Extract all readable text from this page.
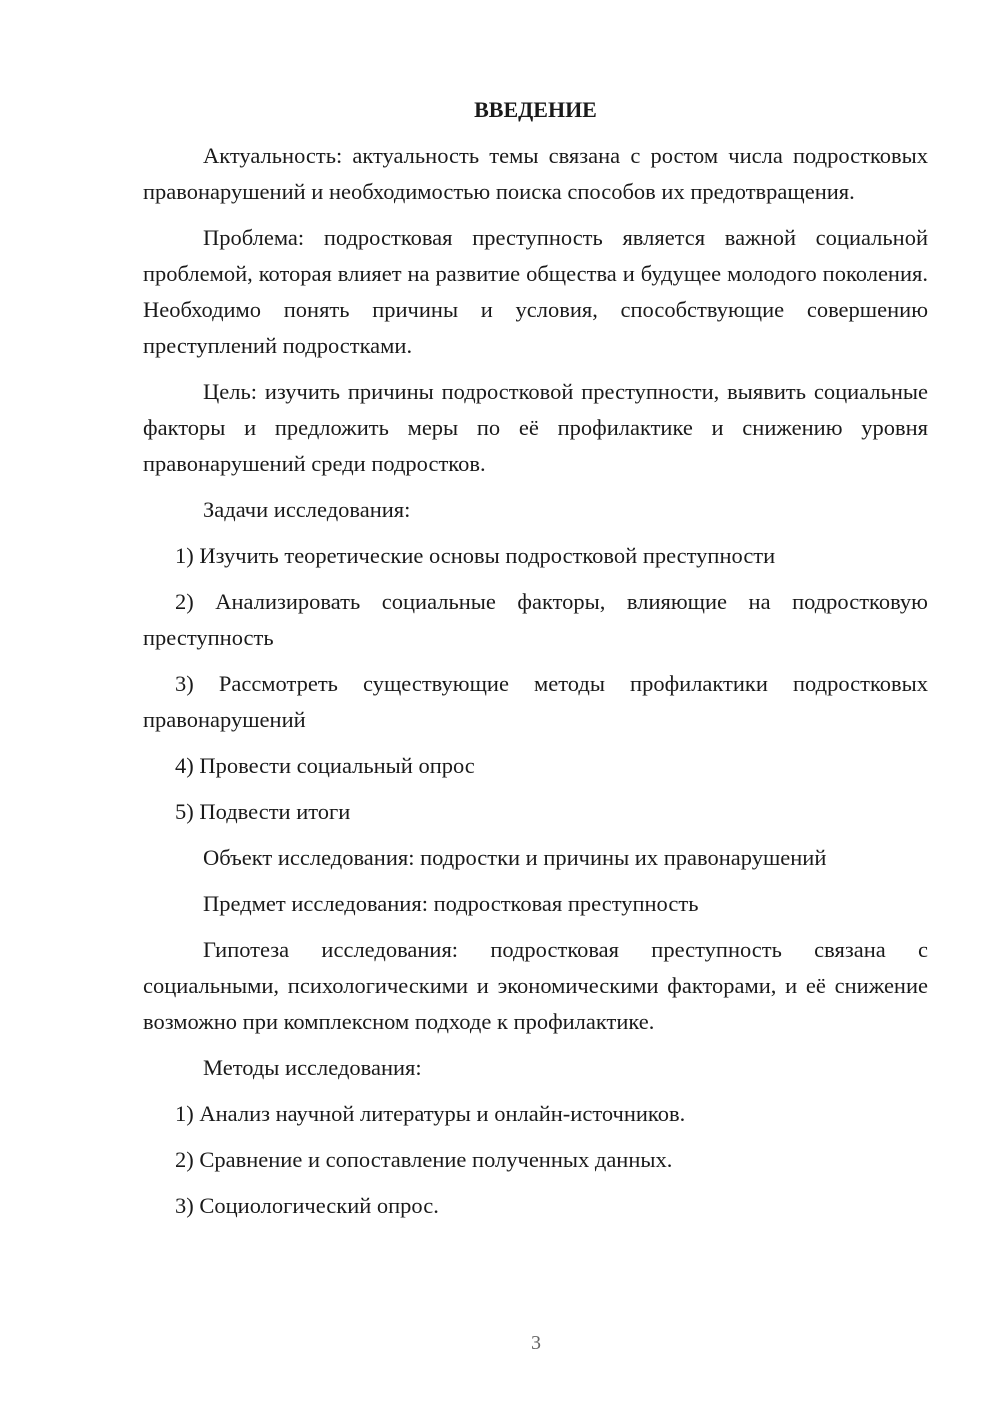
ВВЕДЕНИЕ

Актуальность: актуальность темы связана с ростом числа подростковых правонарушений и необходимостью поиска способов их предотвращения.

Проблема: подростковая преступность является важной социальной проблемой, которая влияет на развитие общества и будущее молодого поколения. Необходимо понять причины и условия, способствующие совершению преступлений подростками.

Цель: изучить причины подростковой преступности, выявить социальные факторы и предложить меры по её профилактике и снижению уровня правонарушений среди подростков.

Задачи исследования:

1) Изучить теоретические основы подростковой преступности

2) Анализировать социальные факторы, влияющие на подростковую преступность

3) Рассмотреть существующие методы профилактики подростковых правонарушений

4) Провести социальный опрос

5) Подвести итоги

Объект исследования: подростки и причины их правонарушений

Предмет исследования: подростковая преступность

Гипотеза исследования: подростковая преступность связана с социальными, психологическими и экономическими факторами, и её снижение возможно при комплексном подходе к профилактике.

Методы исследования:

1) Анализ научной литературы и онлайн-источников.

2) Сравнение и сопоставление полученных данных.

3) Социологический опрос.

3
